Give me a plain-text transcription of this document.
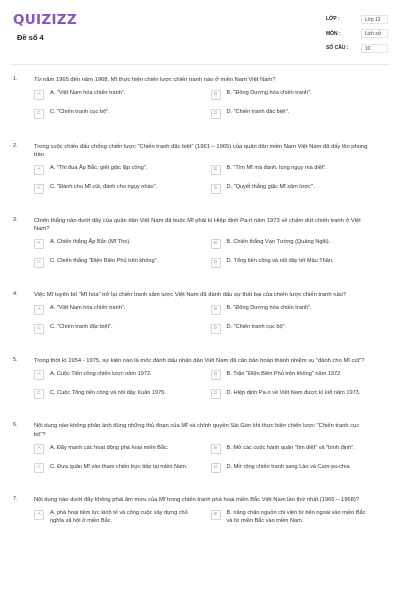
QUIZIZZ
Đề số 4
LỚP :	Lớp 12
MÔN :	Lịch sử
SỐ CÂU :	10
1.	Từ năm 1965 đến năm 1968, Mĩ thực hiện chiến lược chiến tranh nào ở miền Nam Việt Nam?
A	A. "Việt Nam hóa chiến tranh".	B	B. "Đông Dương hóa chiến tranh".
C	C. "Chiến tranh cục bộ".	D	D. "Chiến tranh đặc biệt".
2.	Trong cuộc chiến đấu chống chiến lược "Chiến tranh đặc biệt" (1961 – 1965) của quân dân miền Nam Việt Nam đã dấy lên phong trào
A	A. "Thi đua Ấp Bắc, giết giặc lập công".	B	B. "Tìm Mĩ mà đánh, lùng ngụy mà diệt".
C	C. "Đánh cho Mĩ cút, đánh cho ngụy nhào".	D	D. "Quyết thắng giặc Mĩ xâm lược".
3.	Chiến thắng nào dưới đây của quân dân Việt Nam đã buộc Mĩ phải kí Hiệp định Pa-ri năm 1973 về chấm dứt chiến tranh ở Việt Nam?
A	A. Chiến thắng Ấp Bắc (Mĩ Tho).	B	B. Chiến thắng Vạn Tường (Quảng Ngãi).
C	C. Chiến thắng "Điện Biên Phủ trên không".	D	D. Tổng tiến công và nổi dậy tết Mậu Thân.
4.	Việc Mĩ tuyên bố "Mĩ hóa" trở lại chiến tranh xâm lược Việt Nam đã đánh dấu sự thất bại của chiến lược chiến tranh nào?
A	A. "Việt Nam hóa chiến tranh".	B	B. "Đông Dương hóa chiến tranh".
C	C. "Chiến tranh đặc biệt".	D	D. "Chiến tranh cục bộ".
5.	Trong thời kì 1954 - 1975, sự kiện nào là mốc đánh dấu nhân dân Việt Nam đã căn bản hoàn thành nhiệm vụ "đánh cho Mĩ cút"?
A	A. Cuộc Tiến công chiến lược năm 1972.	B	B. Trận "Điện Biên Phủ trên không" năm 1972.
C	C. Cuộc Tổng tiến công và nổi dậy Xuân 1975.	D	D. Hiệp định Pa-ri về Việt Nam được kí kết năm 1973.
6.	Nội dung nào không phản ánh đúng những thủ đoạn của Mĩ và chính quyền Sài Gòn khi thực hiện chiến lược "Chiến tranh cục bộ"?
A	A. Đẩy mạnh các hoạt động phá hoại miền Bắc.	B	B. Mở các cuộc hành quân "tìm diệt" và "bình định".
C	C. Đưa quân Mĩ vào tham chiến trực tiếp tại miền Nam.	D	D. Mở rộng chiến tranh sang Lào và Cam-pu-chia
7.	Nội dung nào dưới đây không phải âm mưu của Mĩ trong chiến tranh phá hoại miền Bắc Việt Nam lần thứ nhất (1965 – 1968)?
A	A. phá hoại tiềm lực kinh tế và công cuộc xây dựng chủ nghĩa xã hội ở miền Bắc.
B	B. nâng chặn nguồn chi viện từ bên ngoài vào miền Bắc và từ miền Bắc vào miền Nam.
